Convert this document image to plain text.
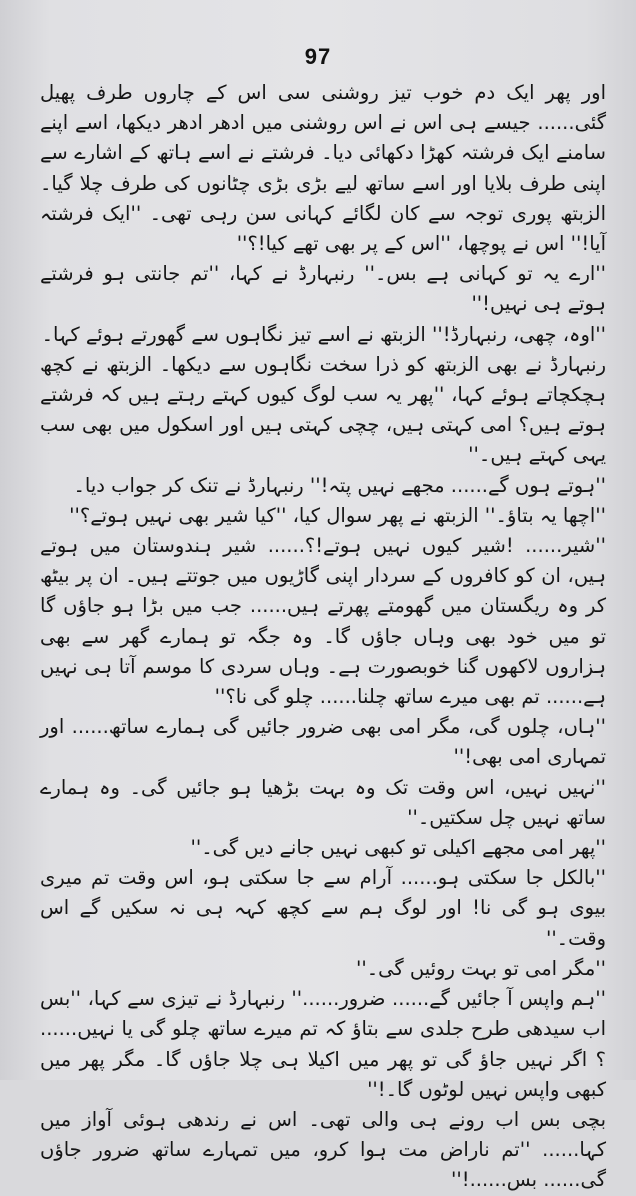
97

اور پھر ایک دم خوب تیز روشنی سی اس کے چاروں طرف پھیل گئی...... جیسے ہی اس نے اس روشنی میں ادھر ادھر دیکھا، اسے اپنے سامنے ایک فرشتہ کھڑا دکھائی دیا۔ فرشتے نے اسے ہاتھ کے اشارے سے اپنی طرف بلایا اور اسے ساتھ لیے بڑی بڑی چٹانوں کی طرف چلا گیا۔ الزبتھ پوری توجہ سے کان لگائے کہانی سن رہی تھی۔ ''ایک فرشتہ آیا!'' اس نے پوچھا، ''اس کے پر بھی تھے کیا!؟''

''ارے یہ تو کہانی ہے بس۔'' رنبہارڈ نے کہا، ''تم جانتی ہو فرشتے ہوتے ہی نہیں!''

''اوہ، چھی، رنبہارڈ!'' الزبتھ نے اسے تیز نگاہوں سے گھورتے ہوئے کہا۔

رنبہارڈ نے بھی الزبتھ کو ذرا سخت نگاہوں سے دیکھا۔ الزبتھ نے کچھ ہچکچاتے ہوئے کہا، ''پھر یہ سب لوگ کیوں کہتے رہتے ہیں کہ فرشتے ہوتے ہیں؟ امی کہتی ہیں، چچی کہتی ہیں اور اسکول میں بھی سب یہی کہتے ہیں۔''

''ہوتے ہوں گے...... مجھے نہیں پتہ!'' رنبہارڈ نے تنک کر جواب دیا۔

''اچھا یہ بتاؤ۔'' الزبتھ نے پھر سوال کیا، ''کیا شیر بھی نہیں ہوتے؟''

''شیر...... !شیر کیوں نہیں ہوتے!؟...... شیر ہندوستان میں ہوتے ہیں، ان کو کافروں کے سردار اپنی گاڑیوں میں جوتتے ہیں۔ ان پر بیٹھ کر وہ ریگستان میں گھومتے پھرتے ہیں...... جب میں بڑا ہو جاؤں گا تو میں خود بھی وہاں جاؤں گا۔ وہ جگہ تو ہمارے گھر سے بھی ہزاروں لاکھوں گنا خوبصورت ہے۔ وہاں سردی کا موسم آتا ہی نہیں ہے...... تم بھی میرے ساتھ چلنا...... چلو گی نا؟''

''ہاں، چلوں گی، مگر امی بھی ضرور جائیں گی ہمارے ساتھ...... اور تمہاری امی بھی!''

''نہیں نہیں، اس وقت تک وہ بہت بڑھیا ہو جائیں گی۔ وہ ہمارے ساتھ نہیں چل سکتیں۔''

''پھر امی مجھے اکیلی تو کبھی نہیں جانے دیں گی۔''

''بالکل جا سکتی ہو...... آرام سے جا سکتی ہو، اس وقت تم میری بیوی ہو گی نا! اور لوگ ہم سے کچھ کہہ ہی نہ سکیں گے اس وقت۔''

''مگر امی تو بہت روئیں گی۔''

''ہم واپس آ جائیں گے...... ضرور......'' رنبہارڈ نے تیزی سے کہا، ''بس اب سیدھی طرح جلدی سے بتاؤ کہ تم میرے ساتھ چلو گی یا نہیں...... ؟ اگر نہیں جاؤ گی تو پھر میں اکیلا ہی چلا جاؤں گا۔ مگر پھر میں کبھی واپس نہیں لوٹوں گا۔!''

بچی بس اب رونے ہی والی تھی۔ اس نے رندھی ہوئی آواز میں کہا...... ''تم ناراض مت ہوا کرو، میں تمہارے ساتھ ضرور جاؤں گی...... بس......!''
